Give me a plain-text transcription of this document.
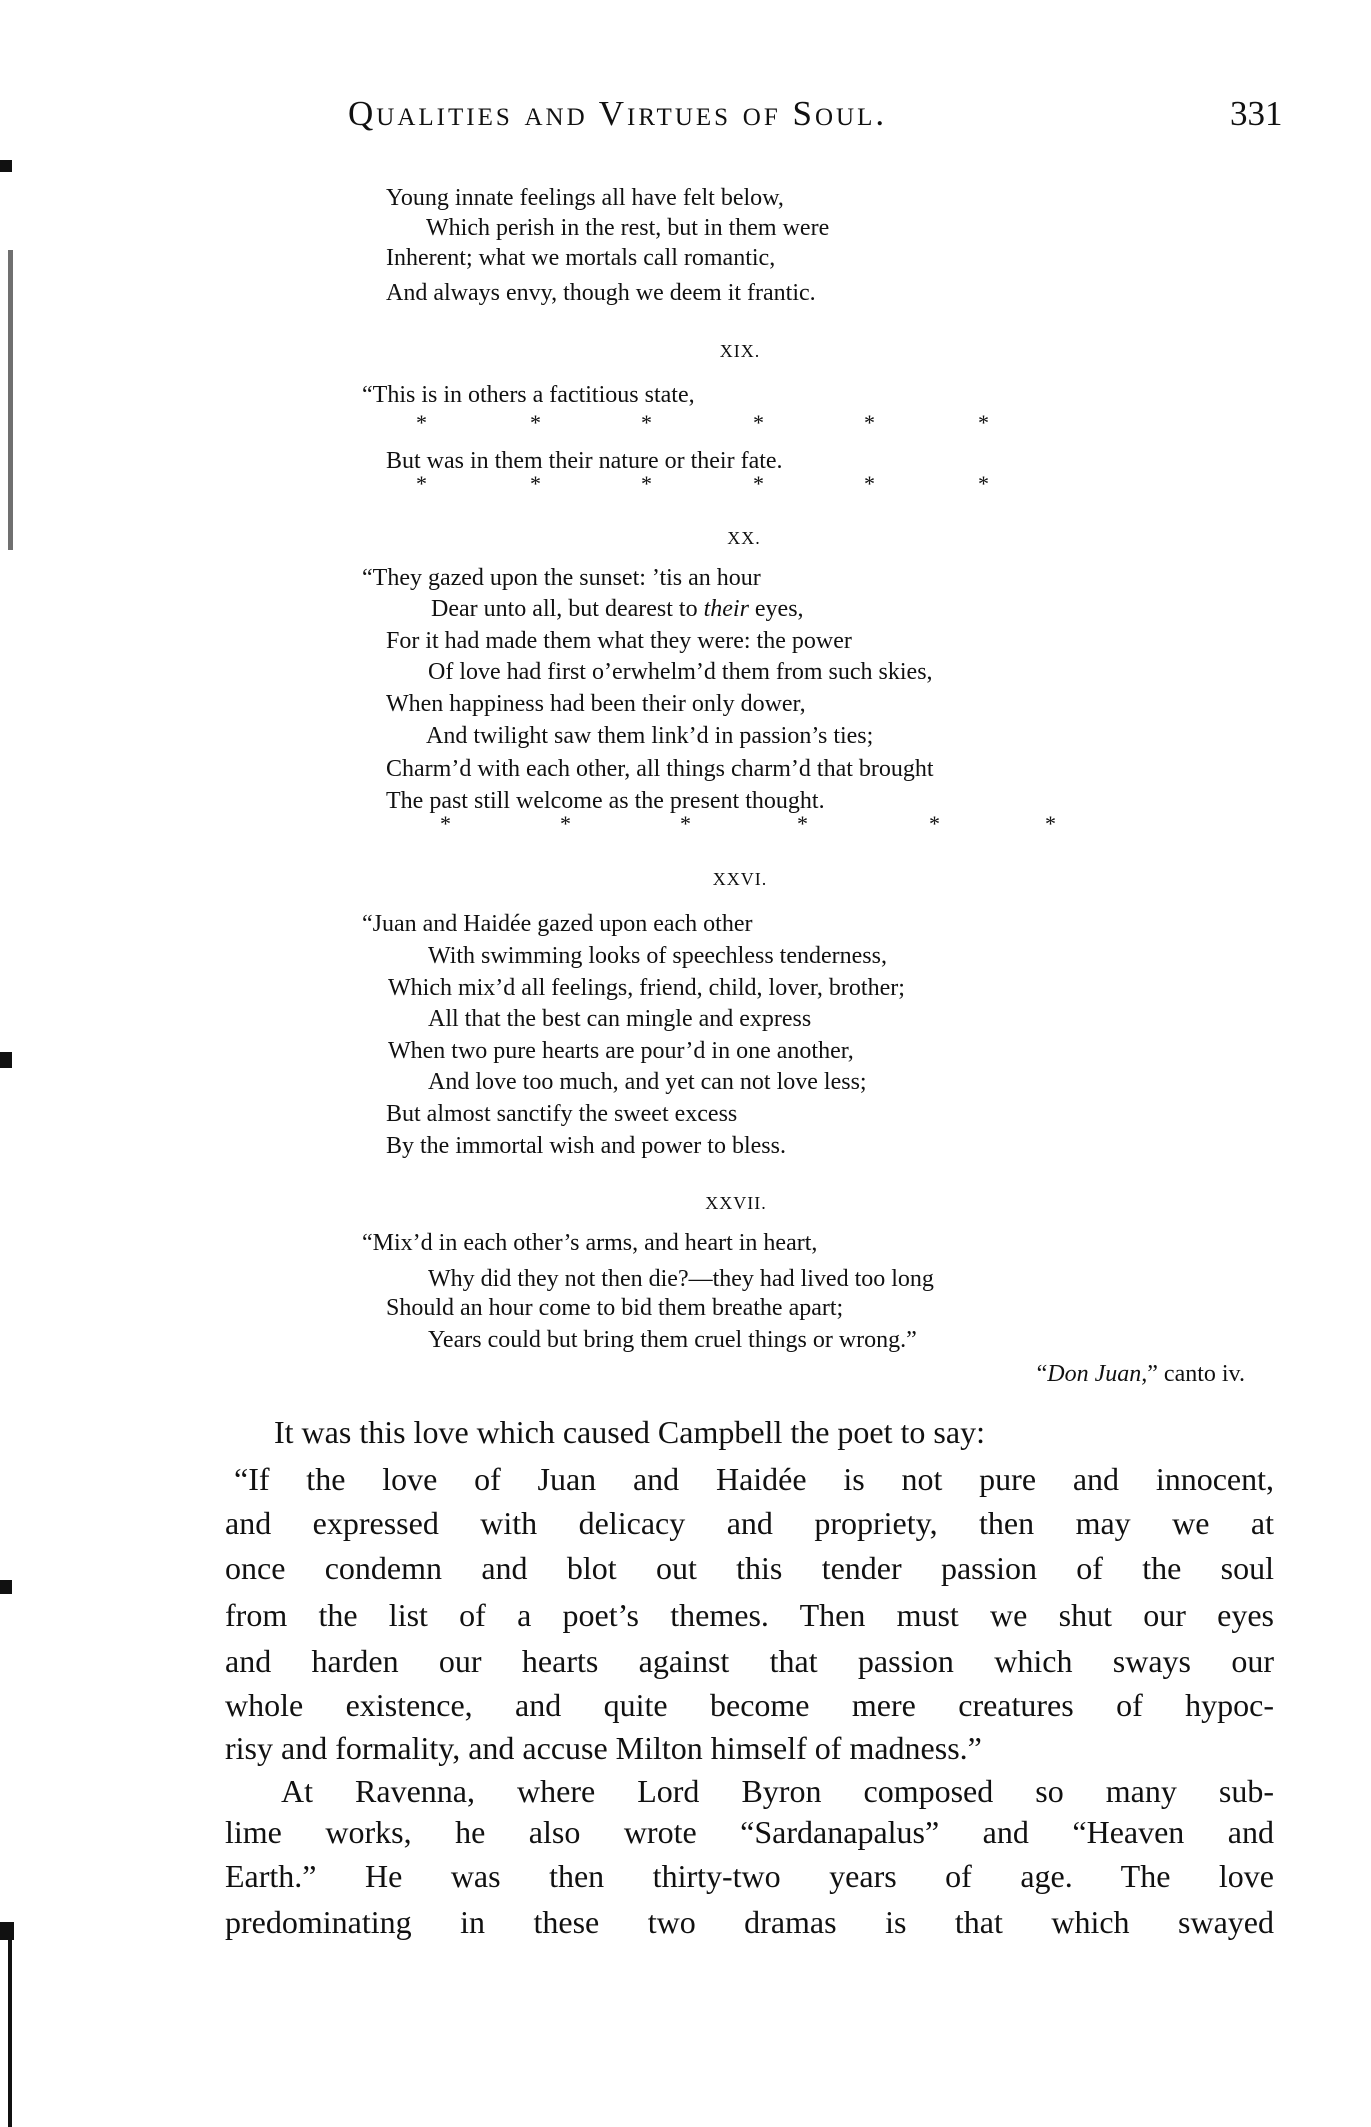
Qualities and Virtues of Soul.	331
Young innate feelings all have felt below,
Which perish in the rest, but in them were
Inherent; what we mortals call romantic,
And always envy, though we deem it frantic.
XIX.
“This is in others a factitious state,
*	*	*	*	*	*
But was in them their nature or their fate.
*	*	*	*	*	*
XX.
“They gazed upon the sunset: ’tis an hour
Dear unto all, but dearest to their eyes,
For it had made them what they were: the power
Of love had first o’erwhelm’d them from such skies,
When happiness had been their only dower,
And twilight saw them link’d in passion’s ties;
Charm’d with each other, all things charm’d that brought
The past still welcome as the present thought.
*	*	*	*	*	*
XXVI.
“Juan and Haidée gazed upon each other
With swimming looks of speechless tenderness,
Which mix’d all feelings, friend, child, lover, brother;
All that the best can mingle and express
When two pure hearts are pour’d in one another,
And love too much, and yet can not love less;
But almost sanctify the sweet excess
By the immortal wish and power to bless.
XXVII.
“Mix’d in each other’s arms, and heart in heart,
Why did they not then die?—they had lived too long
Should an hour come to bid them breathe apart;
Years could but bring them cruel things or wrong.”
“Don Juan,” canto iv.
It was this love which caused Campbell the poet to say:
“If the love of Juan and Haidée is not pure and innocent,
and expressed with delicacy and propriety, then may we at
once condemn and blot out this tender passion of the soul
from the list of a poet’s themes. Then must we shut our eyes
and harden our hearts against that passion which sways our
whole existence, and quite become mere creatures of hypoc-
risy and formality, and accuse Milton himself of madness.”
At Ravenna, where Lord Byron composed so many sub-
lime works, he also wrote “Sardanapalus” and “Heaven and
Earth.” He was then thirty-two years of age. The love
predominating in these two dramas is that which swayed
